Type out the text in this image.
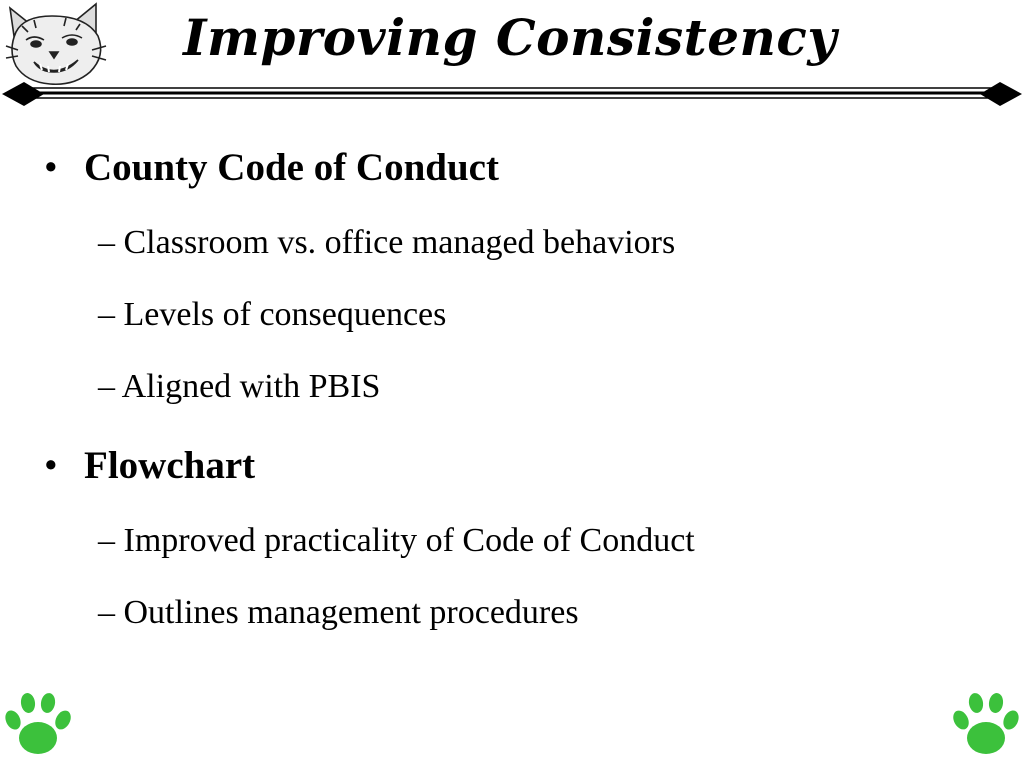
Improving Consistency
• County Code of Conduct
– Classroom vs. office managed behaviors
– Levels of consequences
– Aligned with PBIS
• Flowchart
– Improved practicality of Code of Conduct
– Outlines management procedures
